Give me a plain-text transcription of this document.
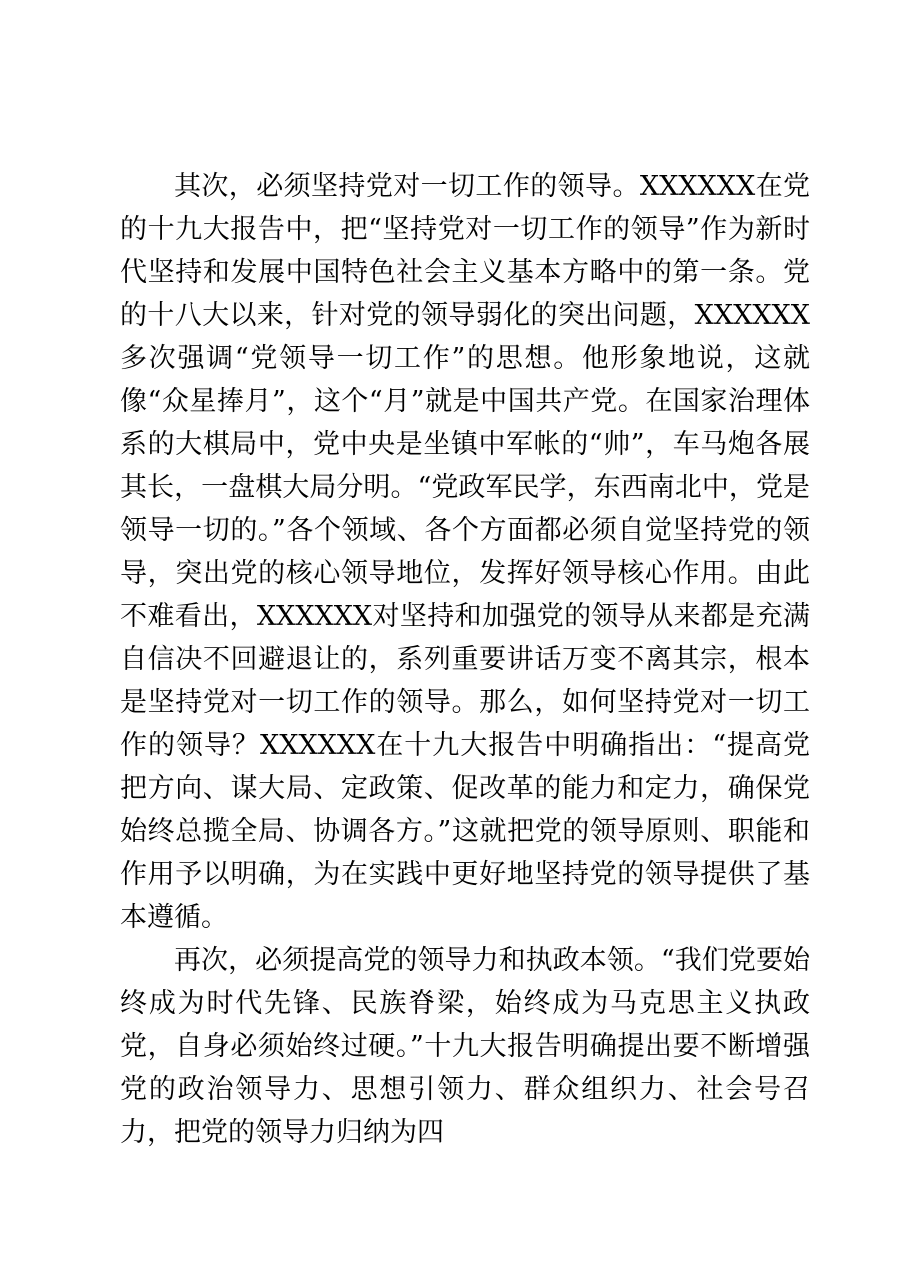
其次，必须坚持党对一切工作的领导。XXXXXX在党的十九大报告中，把“坚持党对一切工作的领导”作为新时代坚持和发展中国特色社会主义基本方略中的第一条。党的十八大以来，针对党的领导弱化的突出问题，XXXXXX多次强调“党领导一切工作”的思想。他形象地说，这就像“众星捧月”，这个“月”就是中国共产党。在国家治理体系的大棋局中，党中央是坐镇中军帐的“帅”，车马炮各展其长，一盘棋大局分明。“党政军民学，东西南北中，党是领导一切的。”各个领域、各个方面都必须自觉坚持党的领导，突出党的核心领导地位，发挥好领导核心作用。由此不难看出，XXXXXX对坚持和加强党的领导从来都是充满自信决不回避退让的，系列重要讲话万变不离其宗，根本是坚持党对一切工作的领导。那么，如何坚持党对一切工作的领导？XXXXXX在十九大报告中明确指出：“提高党把方向、谋大局、定政策、促改革的能力和定力，确保党始终总揽全局、协调各方。”这就把党的领导原则、职能和作用予以明确，为在实践中更好地坚持党的领导提供了基本遵循。

再次，必须提高党的领导力和执政本领。“我们党要始终成为时代先锋、民族脊梁，始终成为马克思主义执政党，自身必须始终过硬。”十九大报告明确提出要不断增强党的政治领导力、思想引领力、群众组织力、社会号召力，把党的领导力归纳为四
